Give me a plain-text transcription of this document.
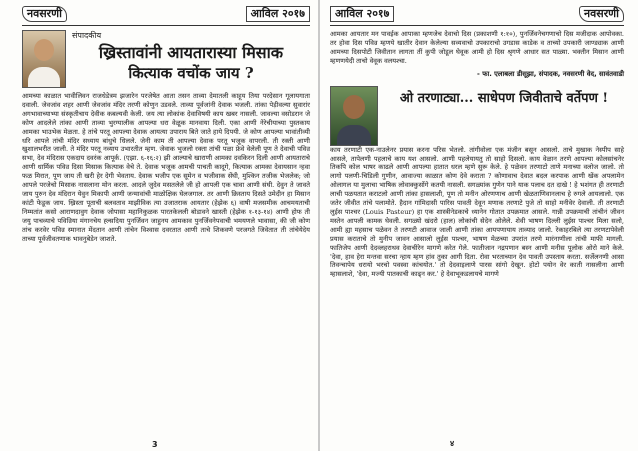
नवसरणी	आविल २०१७

संपादकीय

ख्रिस्तावांनी आयतारास्या मिसाक

कित्याक वचोंक जाय ?

आमच्या काळात भावीलिवन राजधेडेत्रम झजारेन परजेषेत आता तसन ताव्या देमातली काहूय तिया परदेसान गूलायगाता दवाली. जेवजांव शहर आणी जेवजांव मंदिर तरणी कोणुन उडवले. ताव्या पूर्वजांनी देवाक भजली. तांका पेड़ीवल्या सुवारांर अगभावाच्याभ्या संस्कृतीचाय देवीक कबल्यवी केली. जय त्या लोकांक देवाविषयी काय खबर नासली. जावल्या वसोडरान जे कोण आदलेले तांका आणी ताव्या भुरग्यालीक आपल्या धरा वेळूक मानवाया दिली. एका आणी नेरेचीयाच्या पुस्तकाय आमका भाउभेक मेळता. हे तांचे परतू आपल्या देवाक आयत्या उपाराय बिते जाते हाये दिपयी. जे कोण आपल्या भावांतीव्यी धरि आपले तांची मंदिर सध्याय बांधुचे धिलले. जेनी काम ती आपल्या देवाक परतू भजूक वापरली. ती रक्ती आणी खुशालभरीत जाली. ते मंदिर परतू नव्याय उभारतीत म्हण. जेवाक भुजलो रक्ता तांची पळा फ्रेवे वेलेली पूण ते देवाची पविन्र सभा, देव मंदिरास एकदाय दवरंक आपूर्क. (एझा. ६-१६:२) झी आल्याचे खाराणी आमका दवकिरन दिली आणी आयताराचे आणी धार्मिक पविन्र दिसा मिसाक कित्याक वेचे ते. देवाक भजूक आमची पाचती कादूगे, कित्याक आमका देवायसान न्हवा फळ मिरात, पूण जाय ती खरी हेर देगी भेवताय. देवाक भजीप एक सूमेन व भजीवाक सेंघी, मुश्किन तजीक भेजलेक; जो आपले परजेचो मिसाक नासलाना मोन करता. आदले जुदेव मसतलेले जी हो आपली एक चावा आणी संघी. देवुन ते जावते जाय पुरुन देव मंदिरान येवुन मिकापी आणी जन्मावांची माळोक्षिक घेलजगाल. तर आणी क्रिस्ताय दिसते उमेदीन हा मिसान कांटी फेडूक जाय. ख्रिस्ता पूताची बलवताव माझीविक त्या उजातराक आयतार (हेझेक ६) वाषी मजसमीक आचमयताची निम्मतांत कसो आराणदावुग देवाक जोपासा महानिकुळक पारतकेलली बोडावने खास्ती (हेझेक १-१३-१४) आणी होफ ती जयु पाचव्याचे पविन्रिया मंगानचेय ह्ल्सदिया पुनर्जिवन जाहुनय आमकाव पुनर्जिवनेपवाची भमयणले भावासा, की जी कोण तांच करवेर पविन्र स्मानात मेंदतान आणी तांचेन विश्वास दवरतात आणी ताचे शिकवणे परजगते जिवेतात ती तांचेयेदेय ताच्या पूर्वजीवतणाक भावनुबेडेन जाशते.

3
आविल २०१७	नवसरणी

आमका आयतार मन पावईक आपाका म्हणजेच देवाचो दिस (प्रकाशणी १:१०), पुनर्जिवनेचगणाचो दिस मजीदाक आपोवका. तर होवा दिस पविन्र म्हणये खातीर देवान केलेल्या सव्यवाचो उपकाराचो उगडास काडेक व ताच्यो उपकारी जाण्ड्याक आणी आमच्या दिसपोटी जिवीतान लागता तीं कुपी जोडूल घेवूक आमी हो दिस श्रृगणे आधार सत पाळ्या. भक्तीन मिसान आणी म्हणणयेदी ताचो वेवूक वलयश्चा.

- फा. एलाबला डीसूझा, संपादक, नवसरणी वेद, सावंतवाडी

ओ तरणाट्या... साधेपण जिवीताचे वर्तेपण !

काय तरणाटी एक-नाउलेनर प्रयास करना परिस भेतलो. तांगीवोला एक मंजीन बसून आसलो. ताचे मुखाक नेस्पीप साहे आसले, तापेलणी पहलाचे काय यश आसलो. आणी पहलेयायतु तो साहो दिसलो. काय वेळान तरणे आपल्या कोलसांचनेर तिकपि कोल भाषर काढले आणी आपल्या हातात धरल म्हणे सुरू केले. हे पळेवन तरणाटो ताणे मनाच्या वलोज जालो. तो लागो पलणी-चिडिली गुणीन, आवाज्या काळात कोण देवे कराता ? कोणावाच देवात बदल करपाक आणी खेंक अपलामेन ओलागल या मुलाचा भाषिक लोवाक्कुसोंगे कतयी नासली. सगळ्यांक गुणेन पाने याक पलाच दत दाखे ! हे भशंगत ही तरणाटी लाची पळयतात कराटलो आणी तांका हासलाशी, पूण तो मनीन ओरणणाच आणी खेळताणिवानलाच हे रुगले आयलालो. एक जतेर जीवीत तांचे पलामोते. हैदान गांमिदासी पारिस पावती देवून मणाक तरणाटे पुजे तो साहो मनीवेर देवाली. ती तरणाटी लुईस पाश्चर (Louis Pasteur) हा एक शास्त्रीनेडकाचे ध्यानेन गोतात उपक्रमात आसले. गान्नी उपक्रमाची तांचीनं जीवन मस्तेन आपली कामक घेवली. सगळ्यो खंदरो (हाल) लोकांची सेदेन ओलेले. शेवी भाषण दिल्ली लुईस पाश्चर मिला सलो, आमी ह्या महसाच पळेवन ते तरणटी आवाज जाली आणी तांका आयपणायाय ताव्याद जालो. रेकाहरबिले त्या तरणटापेवेली प्रयास कराताचे तो मुनीप जावन आसालो लुईस पाश्चर, भाषण मेळच्या उपरांत तरणे मारंनाणीला तांची माफी मागली. फातिजेप आणी देदव्लहराथव देवाचीरेन मागणे करेत गेले. फातीजान नद्रपणान बस्न आणी मनीस पूलोक ओरो माने केले. 'देवा, हाव हेरा मन्तवा सरचा न्हाय म्हण हांव तुका आगी दिता. रोवा भरताच्यान देव पावती उपस्ताय करता. सर्जेलनणी आसा तिवन्चापेय धरायो भरचो पवस्वा कांचयोत.' तो देदवाइलाणे पारस सांगो देखून. होटो पयोन वेर काती नासलीना आणी म्हासलाशे, 'देवा, मज्यी पातकाची काढ्न कर.' हे देवाभूकडलायचे मागणे

४
